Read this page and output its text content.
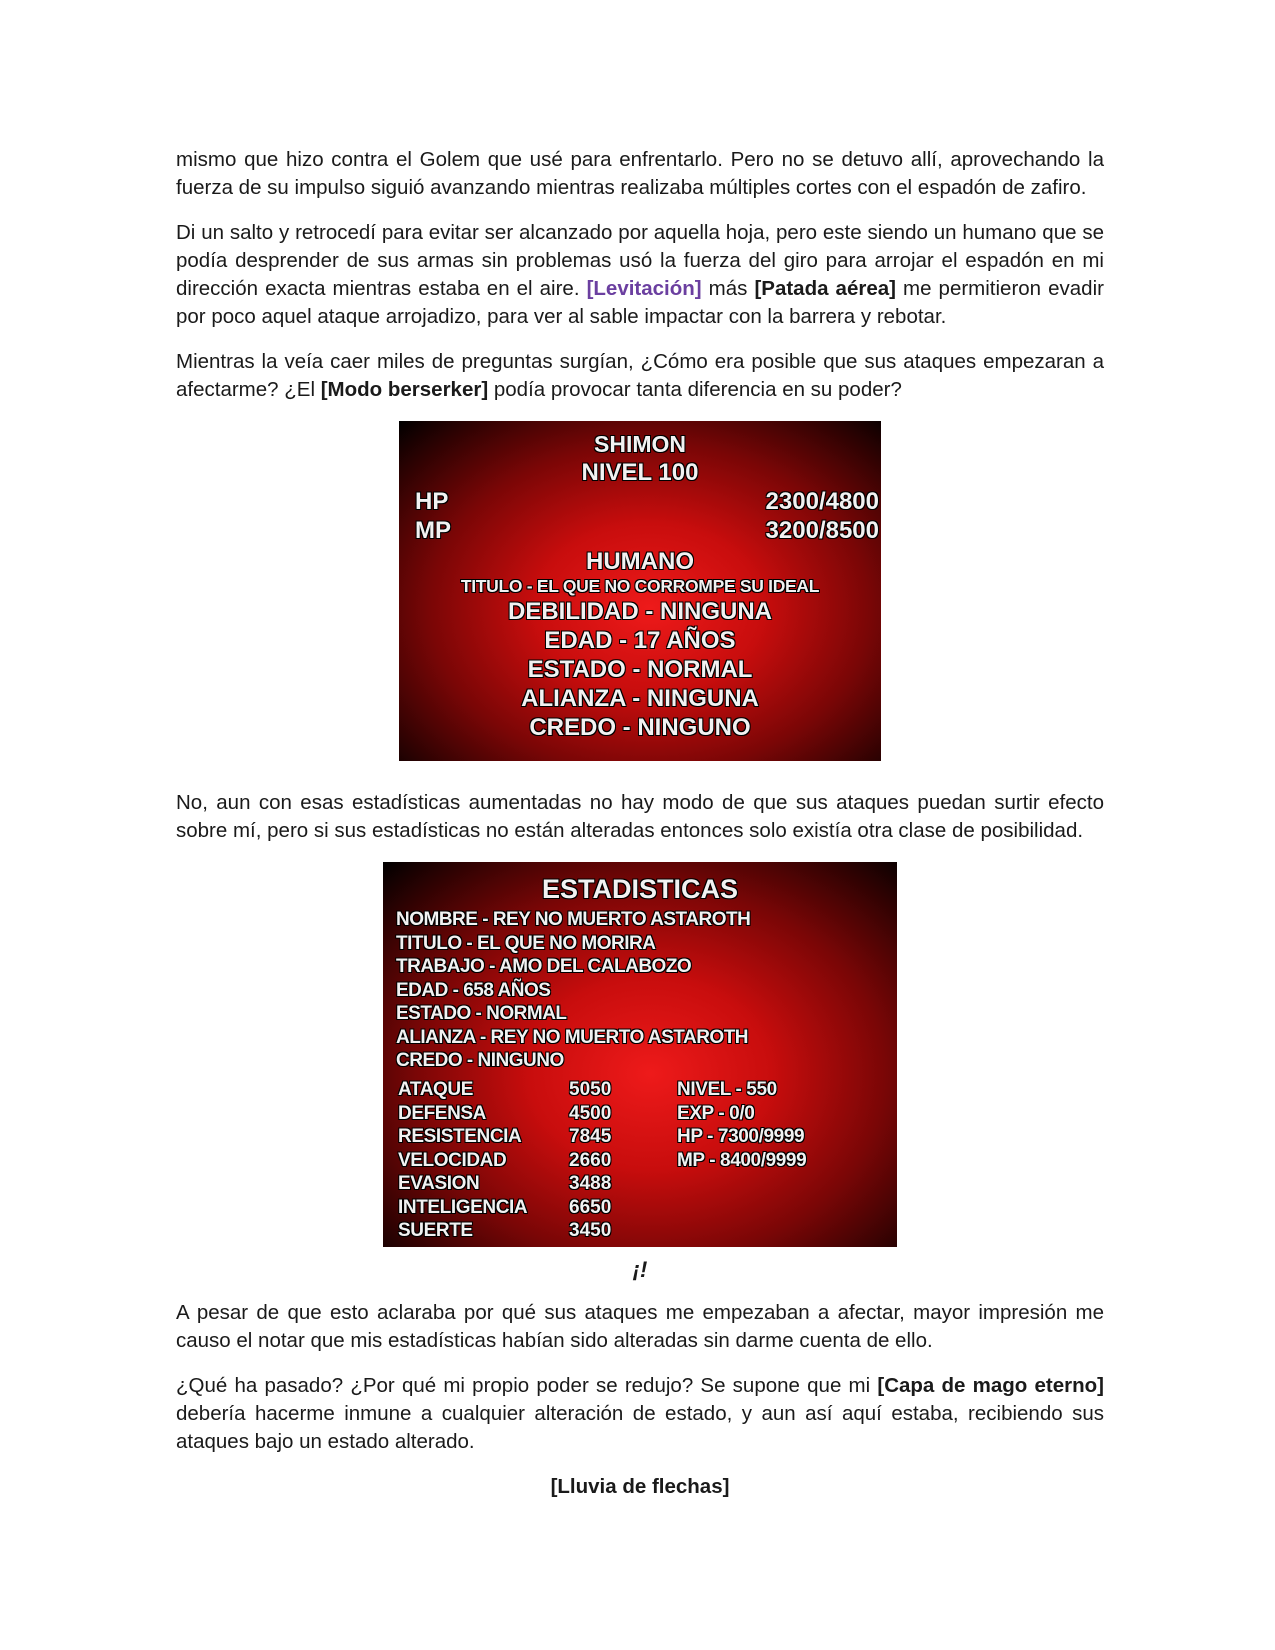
mismo que hizo contra el Golem que usé para enfrentarlo. Pero no se detuvo allí, aprovechando la fuerza de su impulso siguió avanzando mientras realizaba múltiples cortes con el espadón de zafiro.

Di un salto y retrocedí para evitar ser alcanzado por aquella hoja, pero este siendo un humano que se podía desprender de sus armas sin problemas usó la fuerza del giro para arrojar el espadón en mi dirección exacta mientras estaba en el aire. [Levitación] más [Patada aérea] me permitieron evadir por poco aquel ataque arrojadizo, para ver al sable impactar con la barrera y rebotar.

Mientras la veía caer miles de preguntas surgían, ¿Cómo era posible que sus ataques empezaran a afectarme? ¿El [Modo berserker] podía provocar tanta diferencia en su poder?

SHIMON
NIVEL 100
HP	2300/4800
MP	3200/8500
HUMANO
TITULO - EL QUE NO CORROMPE SU IDEAL
DEBILIDAD - NINGUNA
EDAD - 17 AÑOS
ESTADO - NORMAL
ALIANZA - NINGUNA
CREDO - NINGUNO

No, aun con esas estadísticas aumentadas no hay modo de que sus ataques puedan surtir efecto sobre mí, pero si sus estadísticas no están alteradas entonces solo existía otra clase de posibilidad.

ESTADISTICAS
NOMBRE - REY NO MUERTO ASTAROTH
TITULO - EL QUE NO MORIRA
TRABAJO - AMO DEL CALABOZO
EDAD - 658 AÑOS
ESTADO - NORMAL
ALIANZA - REY NO MUERTO ASTAROTH
CREDO - NINGUNO
ATAQUE
DEFENSA
RESISTENCIA
VELOCIDAD
EVASION
INTELIGENCIA
SUERTE
5050
4500
7845
2660
3488
6650
3450
NIVEL - 550
EXP - 0/0
HP - 7300/9999
MP - 8400/9999
¡!

A pesar de que esto aclaraba por qué sus ataques me empezaban a afectar, mayor impresión me causo el notar que mis estadísticas habían sido alteradas sin darme cuenta de ello.

¿Qué ha pasado? ¿Por qué mi propio poder se redujo? Se supone que mi [Capa de mago eterno] debería hacerme inmune a cualquier alteración de estado, y aun así aquí estaba, recibiendo sus ataques bajo un estado alterado.

[Lluvia de flechas]
